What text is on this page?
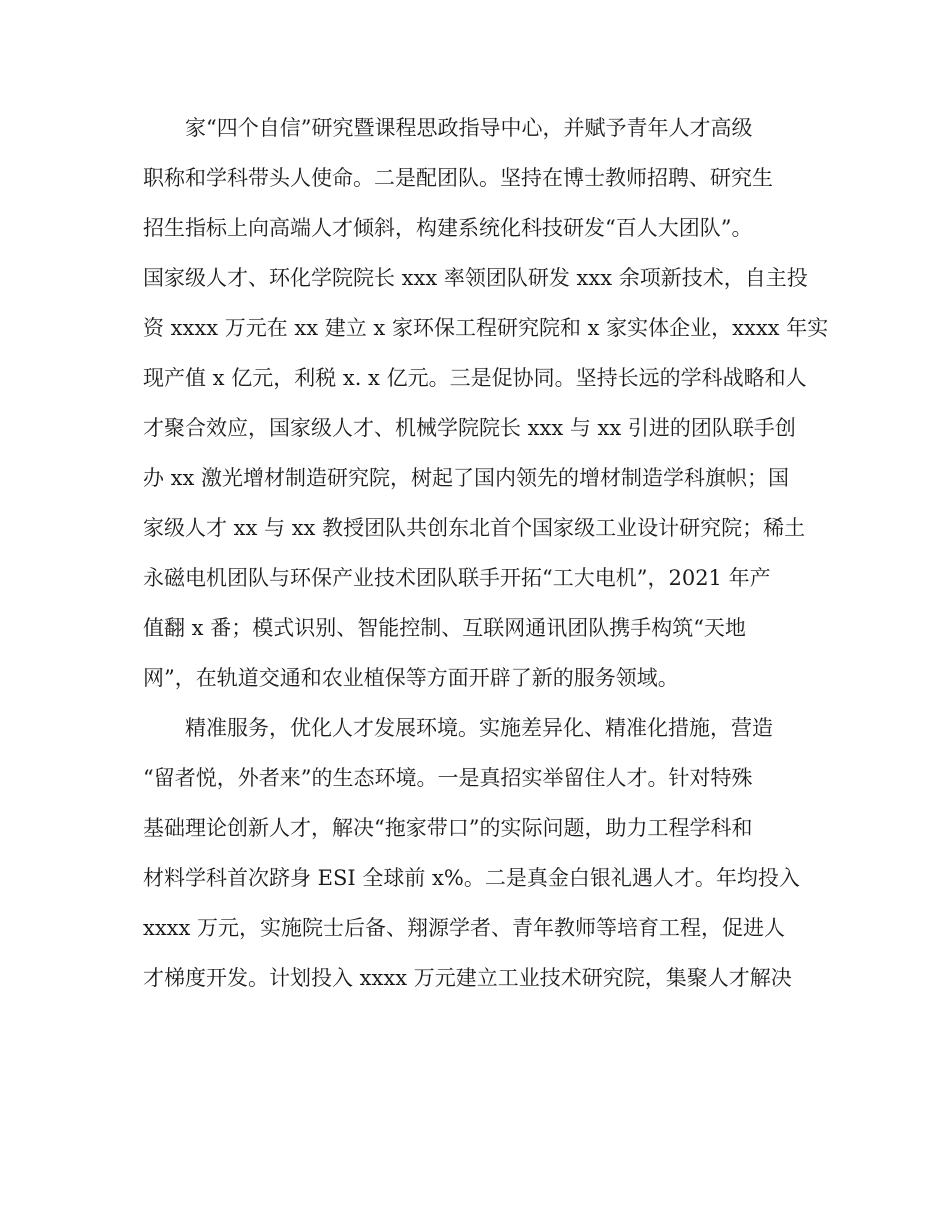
家“四个自信”研究暨课程思政指导中心，并赋予青年人才高级
职称和学科带头人使命。二是配团队。坚持在博士教师招聘、研究生
招生指标上向高端人才倾斜，构建系统化科技研发“百人大团队”。
国家级人才、环化学院院长 xxx 率领团队研发 xxx 余项新技术，自主投
资 xxxx 万元在 xx 建立 x 家环保工程研究院和 x 家实体企业，xxxx 年实
现产值 x 亿元，利税 x. x 亿元。三是促协同。坚持长远的学科战略和人
才聚合效应，国家级人才、机械学院院长 xxx 与 xx 引进的团队联手创
办 xx 激光增材制造研究院，树起了国内领先的增材制造学科旗帜；国
家级人才 xx 与 xx 教授团队共创东北首个国家级工业设计研究院；稀土
永磁电机团队与环保产业技术团队联手开拓“工大电机”，2021 年产
值翻 x 番；模式识别、智能控制、互联网通讯团队携手构筑“天地
网”，在轨道交通和农业植保等方面开辟了新的服务领域。
精准服务，优化人才发展环境。实施差异化、精准化措施，营造
“留者悦，外者来”的生态环境。一是真招实举留住人才。针对特殊
基础理论创新人才，解决“拖家带口”的实际问题，助力工程学科和
材料学科首次跻身 ESI 全球前 x%。二是真金白银礼遇人才。年均投入
xxxx 万元，实施院士后备、翔源学者、青年教师等培育工程，促进人
才梯度开发。计划投入 xxxx 万元建立工业技术研究院，集聚人才解决
